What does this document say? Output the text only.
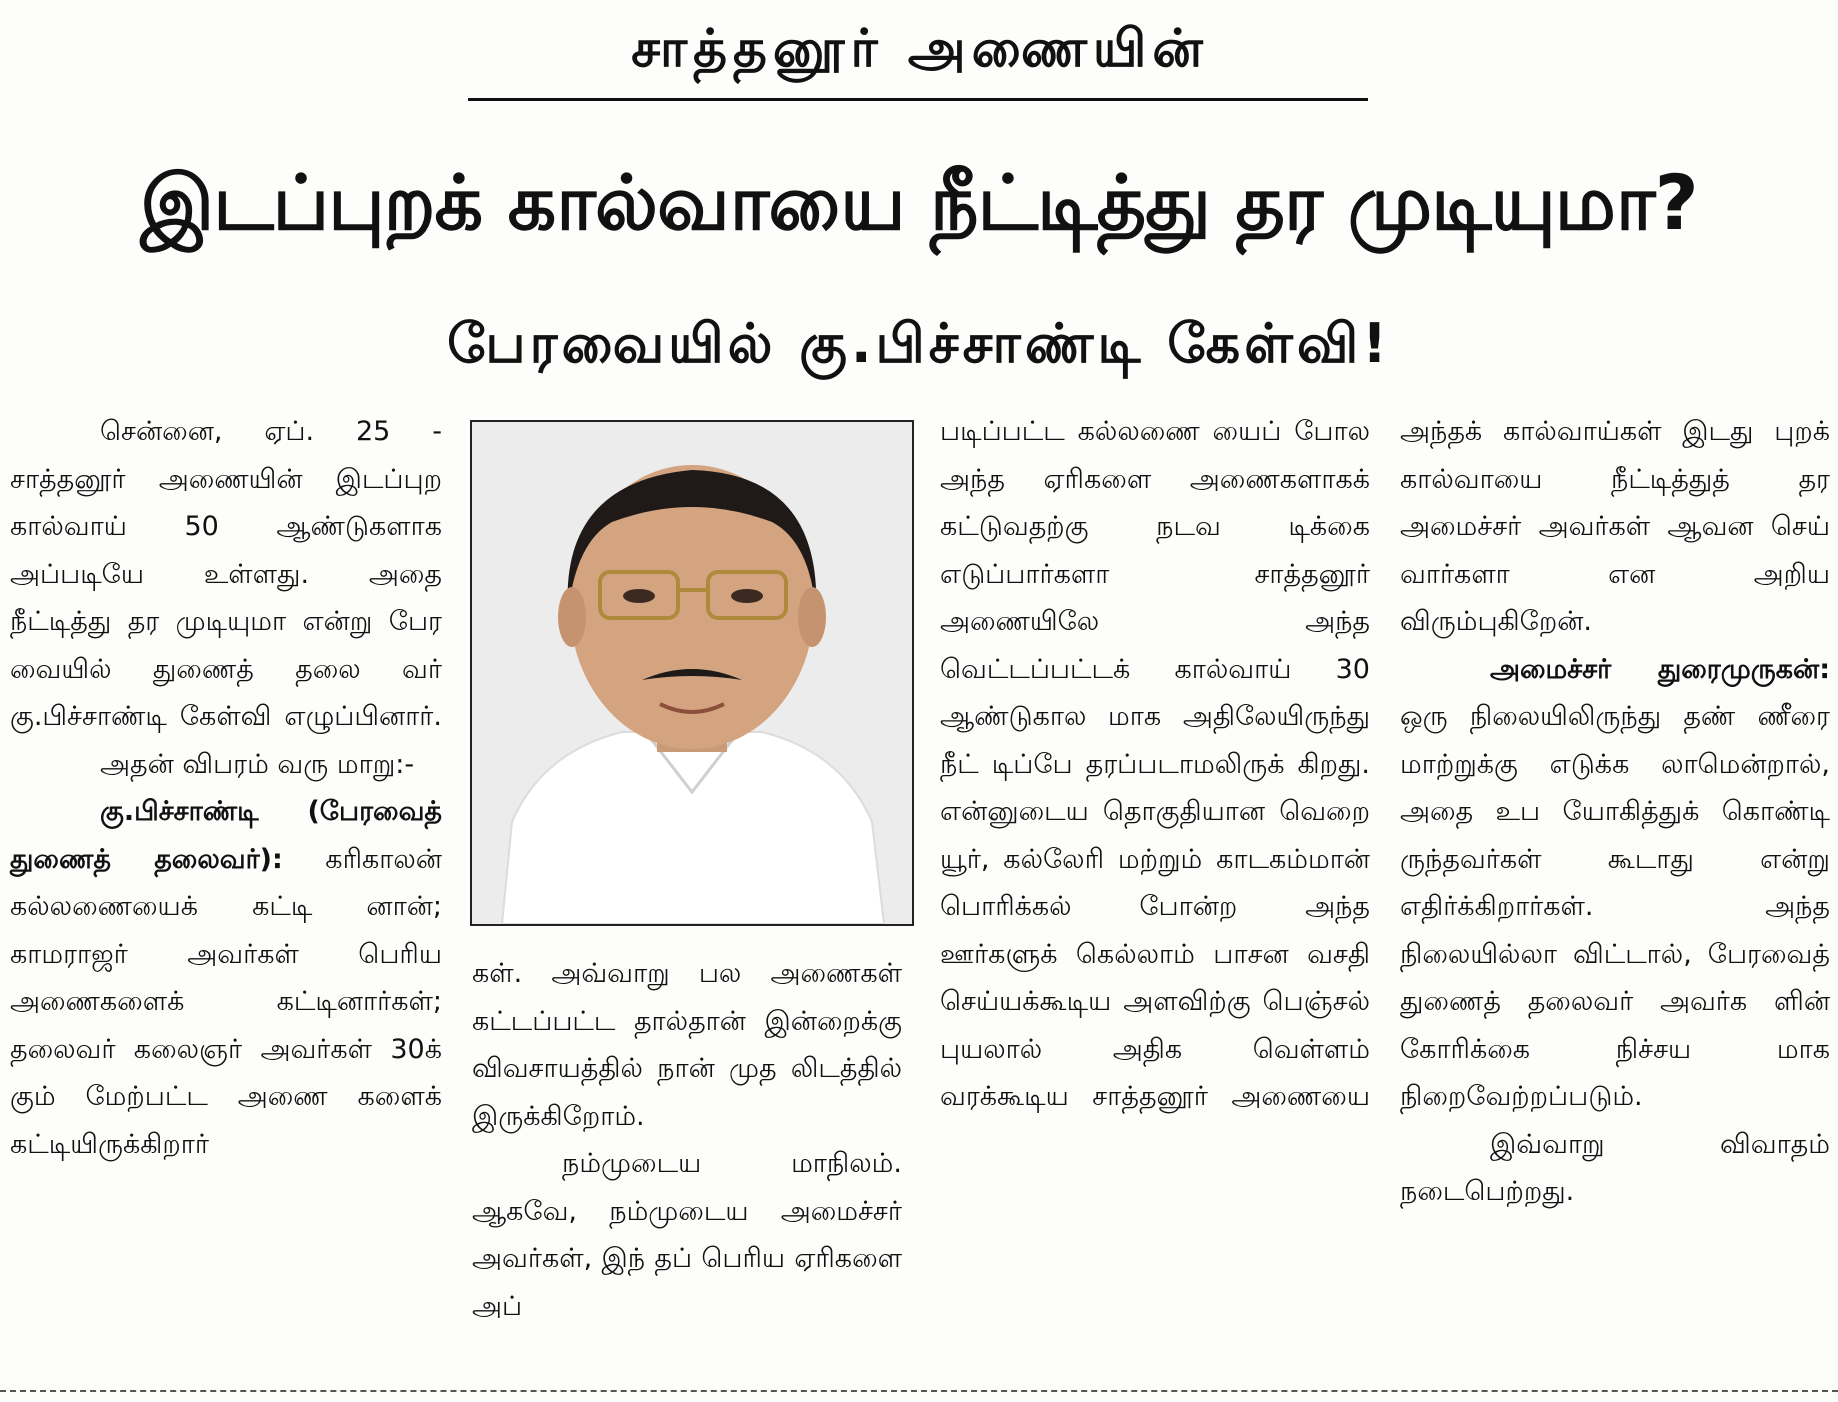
சாத்தனூர் அணையின்
இடப்புறக் கால்வாயை நீட்டித்து தர முடியுமா?
பேரவையில் கு.பிச்சாண்டி கேள்வி!

சென்னை, ஏப். 25 - சாத்தனூர் அணையின் இடப்புற கால்வாய் 50 ஆண்டுகளாக அப்படியே உள்ளது. அதை நீட்டித்து தர முடியுமா என்று பேர வையில் துணைத் தலை வர் கு.பிச்சாண்டி கேள்வி எழுப்பினார்.

அதன் விபரம் வரு மாறு:-

கு.பிச்சாண்டி (பேரவைத் துணைத் தலைவர்): கரிகாலன் கல்லணையைக் கட்டி னான்; காமராஜர் அவர்கள் பெரிய அணைகளைக் கட்டினார்கள்; தலைவர் கலைஞர் அவர்கள் 30க் கும் மேற்பட்ட அணை களைக் கட்டியிருக்கிறார்

கள். அவ்வாறு பல அணைகள் கட்டப்பட்ட தால்தான் இன்றைக்கு விவசாயத்தில் நான் முத லிடத்தில் இருக்கிறோம்.

நம்முடைய மாநிலம். ஆகவே, நம்முடைய அமைச்சர் அவர்கள், இந் தப் பெரிய ஏரிகளை அப்

படிப்பட்ட கல்லணை யைப் போல அந்த ஏரிகளை அணைகளாகக் கட்டுவதற்கு நடவ டிக்கை எடுப்பார்களா சாத்தனூர் அணையிலே அந்த வெட்டப்பட்டக் கால்வாய் 30 ஆண்டுகால மாக அதிலேயிருந்து நீட் டிப்பே தரப்படாமலிருக் கிறது. என்னுடைய தொகுதியான வெறை யூர், கல்லேரி மற்றும் காடகம்மான் பொரிக்கல் போன்ற அந்த ஊர்களுக் கெல்லாம் பாசன வசதி செய்யக்கூடிய அளவிற்கு பெஞ்சல் புயலால் அதிக வெள்ளம் வரக்கூடிய சாத்தனூர் அணையை

அந்தக் கால்வாய்கள் இடது புறக் கால்வாயை நீட்டித்துத் தர அமைச்சர் அவர்கள் ஆவன செய் வார்களா என அறிய விரும்புகிறேன்.

அமைச்சர் துரைமுருகன்:

ஒரு நிலையிலிருந்து தண் ணீரை மாற்றுக்கு எடுக்க லாமென்றால், அதை உப யோகித்துக் கொண்டி ருந்தவர்கள் கூடாது என்று எதிர்க்கிறார்கள். அந்த நிலையில்லா விட்டால், பேரவைத் துணைத் தலைவர் அவர்க ளின் கோரிக்கை நிச்சய மாக நிறைவேற்றப்படும்.

இவ்வாறு விவாதம் நடைபெற்றது.
